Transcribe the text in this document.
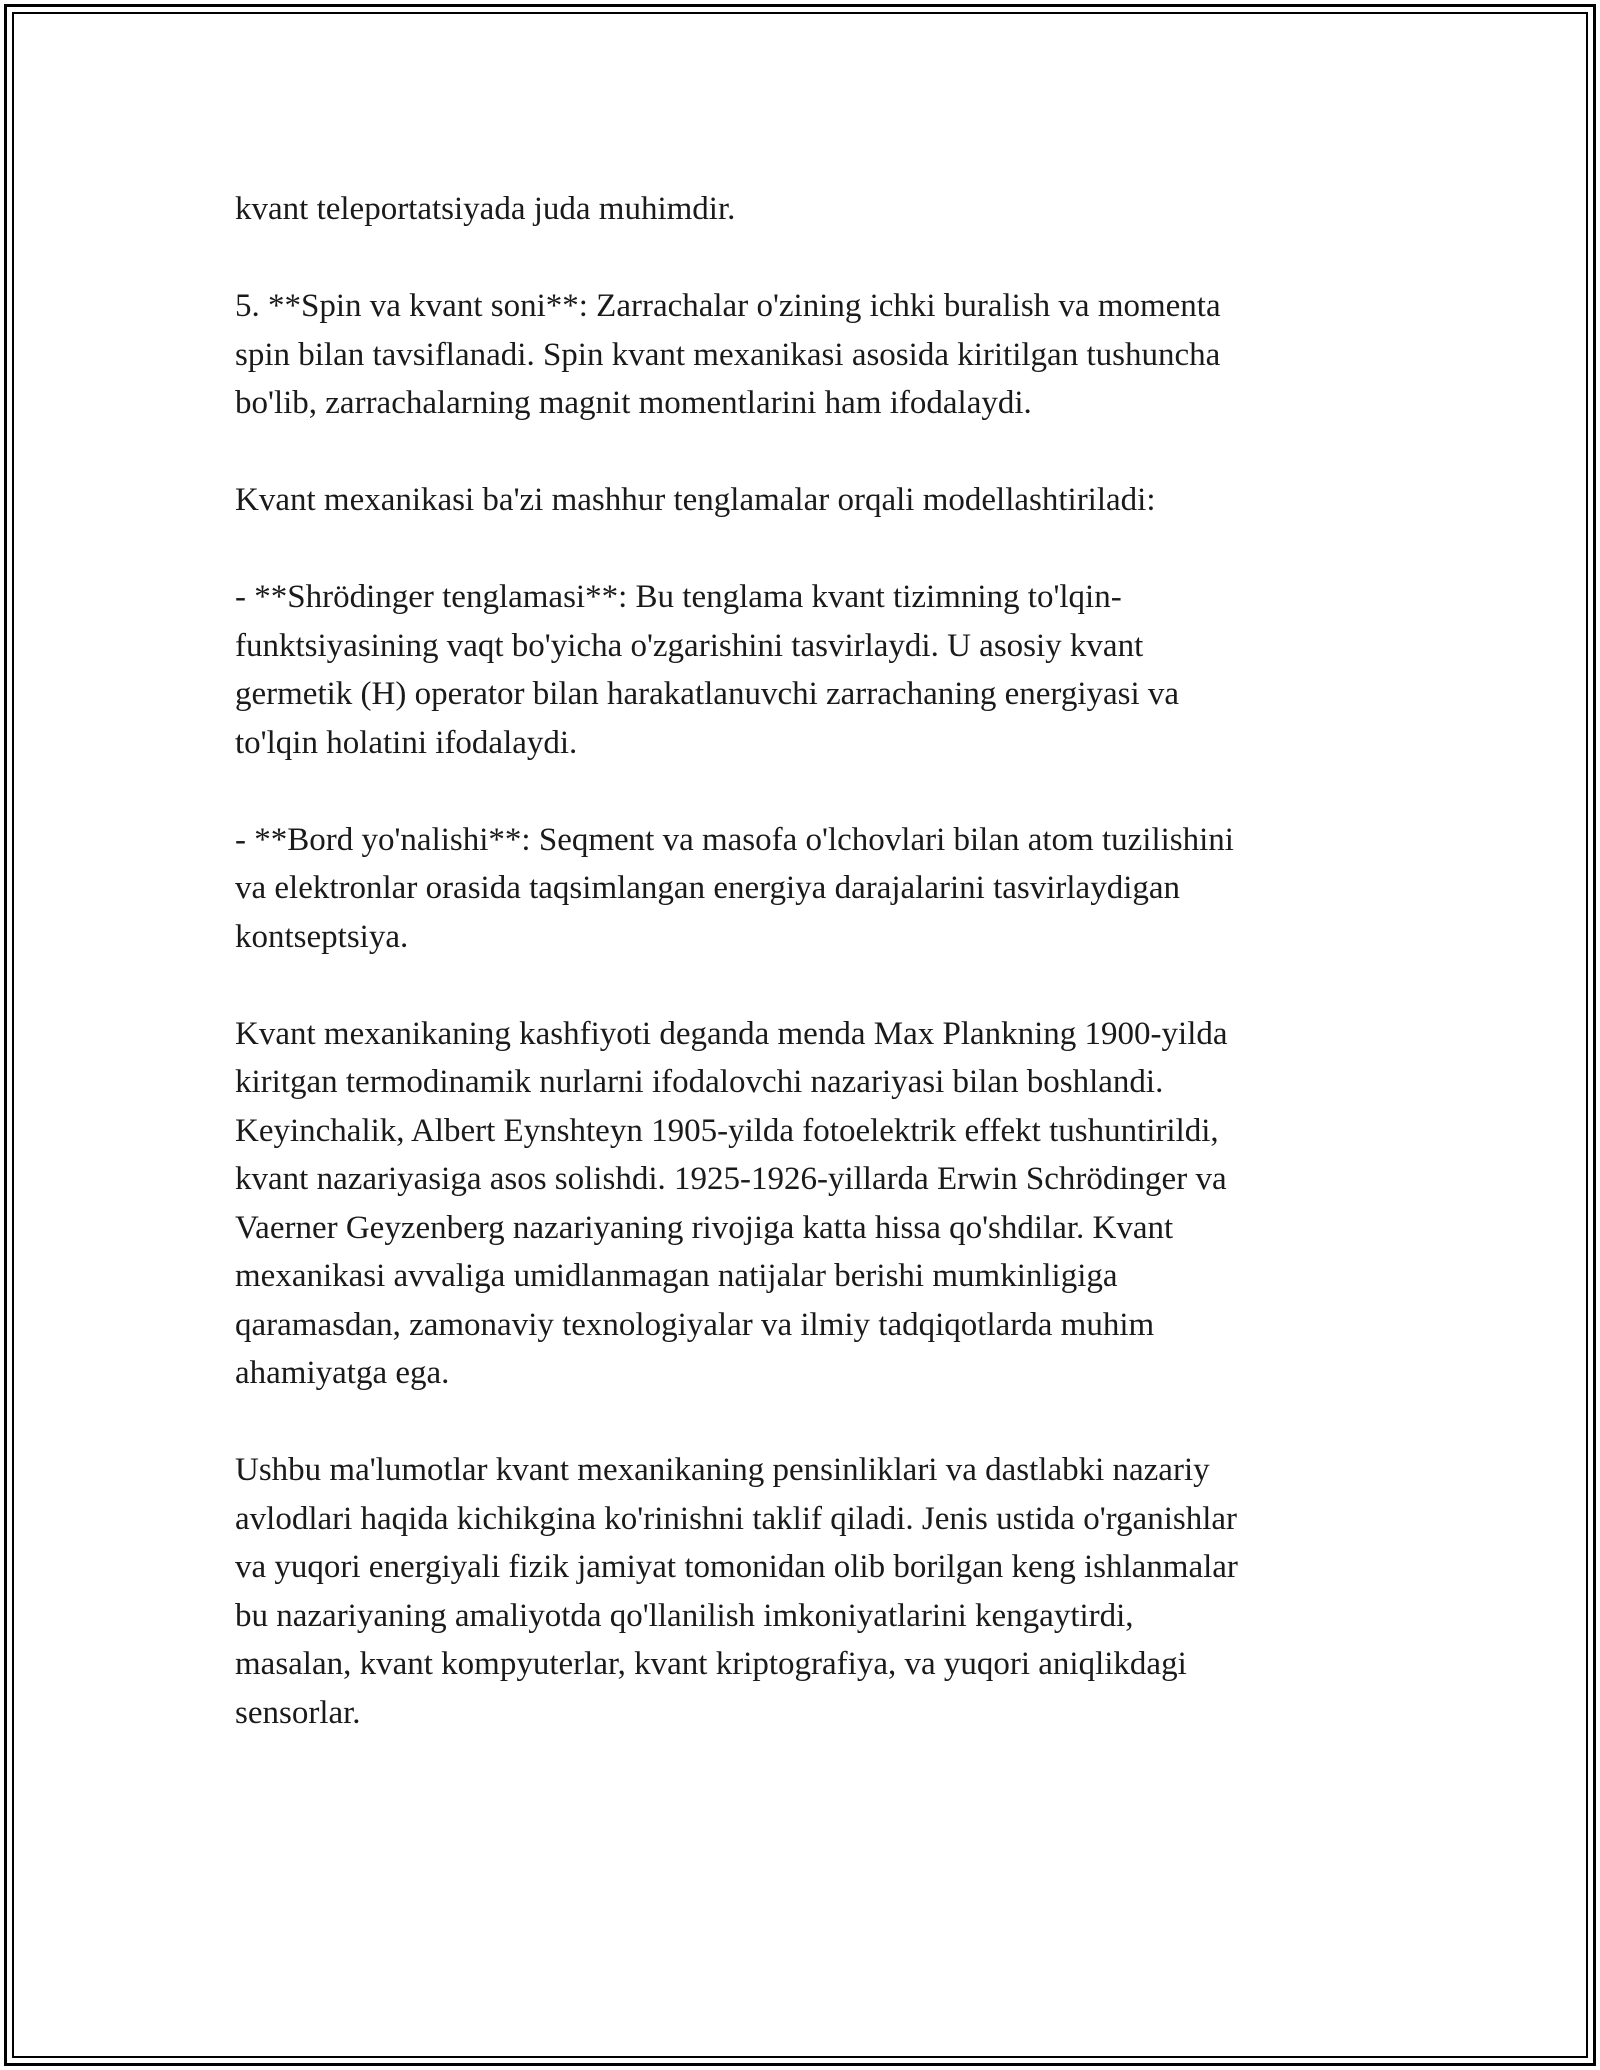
kvant teleportatsiyada juda muhimdir.

5. **Spin va kvant soni**: Zarrachalar o'zining ichki buralish va momenta
spin bilan tavsiflanadi. Spin kvant mexanikasi asosida kiritilgan tushuncha
bo'lib, zarrachalarning magnit momentlarini ham ifodalaydi.

Kvant mexanikasi ba'zi mashhur tenglamalar orqali modellashtiriladi:

- **Shrödinger tenglamasi**: Bu tenglama kvant tizimning to'lqin-
funktsiyasining vaqt bo'yicha o'zgarishini tasvirlaydi. U asosiy kvant
germetik (H) operator bilan harakatlanuvchi zarrachaning energiyasi va
to'lqin holatini ifodalaydi.

- **Bord yo'nalishi**: Seqment va masofa o'lchovlari bilan atom tuzilishini
va elektronlar orasida taqsimlangan energiya darajalarini tasvirlaydigan
kontseptsiya.

Kvant mexanikaning kashfiyoti deganda menda Max Plankning 1900-yilda
kiritgan termodinamik nurlarni ifodalovchi nazariyasi bilan boshlandi.
Keyinchalik, Albert Eynshteyn 1905-yilda fotoelektrik effekt tushuntirildi,
kvant nazariyasiga asos solishdi. 1925-1926-yillarda Erwin Schrödinger va
Vaerner Geyzenberg nazariyaning rivojiga katta hissa qo'shdilar. Kvant
mexanikasi avvaliga umidlanmagan natijalar berishi mumkinligiga
qaramasdan, zamonaviy texnologiyalar va ilmiy tadqiqotlarda muhim
ahamiyatga ega.

Ushbu ma'lumotlar kvant mexanikaning pensinliklari va dastlabki nazariy
avlodlari haqida kichikgina ko'rinishni taklif qiladi. Jenis ustida o'rganishlar
va yuqori energiyali fizik jamiyat tomonidan olib borilgan keng ishlanmalar
bu nazariyaning amaliyotda qo'llanilish imkoniyatlarini kengaytirdi,
masalan, kvant kompyuterlar, kvant kriptografiya, va yuqori aniqlikdagi
sensorlar.
